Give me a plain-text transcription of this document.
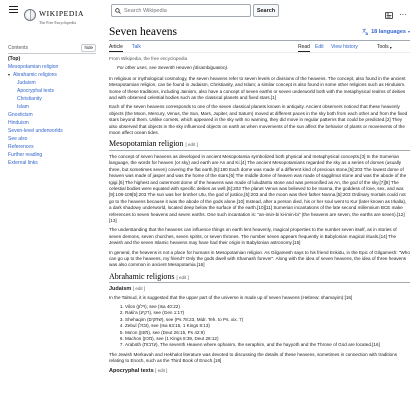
WIKIPEDIA
The Free Encyclopedia
Search Wikipedia	Search	···
Contents	hide
(Top)
Mesopotamian religion
▾ Abrahamic religions
Judaism
Apocryphal texts
Christianity
Islam
Gnosticism
Hinduism
Seven-level underworlds
See also
References
Further reading
External links
Seven heavens	文
A 18 languages ▾
Article Talk	Read Edit View history	Tools ▾
From Wikipedia, the free encyclopedia
For other uses, see Seventh Heaven (disambiguation).

In religious or mythological cosmology, the seven heavens refer to seven levels or divisions of the heavens. The concept, also found in the ancient Mesopotamian religion, can be found in Judaism, Christianity, and Islam; a similar concept is also found in some other religions such as Hinduism. Some of these traditions, including Jainism, also have a concept of seven earths or seven underworld both with the metaphysical realms of deities and with observed celestial bodies such as the classical planets and fixed stars.[1]

Each of the seven heavens corresponds to one of the seven classical planets known in antiquity. Ancient observers noticed that these heavenly objects (the Moon, Mercury, Venus, the Sun, Mars, Jupiter, and Saturn) moved at different paces in the sky both from each other and from the fixed stars beyond them. Unlike comets, which appeared in the sky with no warning, they did move in regular patterns that could be predicted.[2] They also observed that objects in the sky influenced objects on earth as when movements of the sun affect the behavior of plants or movements of the moon affect ocean tides.

Mesopotamian religion [ edit ]

The concept of seven heavens as developed in ancient Mesopotamia symbolized both physical and metaphysical concepts.[3] In the Sumerian language, the words for heaven (or sky) and earth are An and Ki.[4] The ancient Mesopotamians regarded the sky as a series of domes (usually three, but sometimes seven) covering the flat earth.[5]:180 Each dome was made of a different kind of precious stone.[5]:203 The lowest dome of heaven was made of jasper and was the home of the stars.[6] The middle dome of heaven was made of saggilmut stone and was the abode of the Igigi.[6] The highest and outermost dome of the heavens was made of luludānītu stone and was personified as An, the god of the sky.[7][8] The celestial bodies were equated with specific deities as well.[5]:203 The planet Venus was believed to be Inanna, the goddess of love, sex, and war.[9]:108-109[5]:203 The sun was her brother Utu, the god of justice,[5]:203 and the moon was their father Nanna.[5]:203 Ordinary mortals could not go to the heavens because it was the abode of the gods alone.[10] Instead, after a person died, his or her soul went to Kur (later known as Irkalla), a dark shadowy underworld, located deep below the surface of the earth.[10][11] Sumerian incantations of the late second millennium BCE make references to seven heavens and seven earths. One such incantation is: "an-imin-bi ki-imin-bi" (the heavens are seven, the earths are seven).[12][13]

The understanding that the heavens can influence things on earth lent heavenly, magical properties to the number seven itself, as in stories of seven demons, seven churches, seven spirits, or seven thrones. The number seven appears frequently in Babylonian magical rituals.[14] The Jewish and the seven Islamic heavens may have had their origin in Babylonian astronomy.[15]

In general, the heavens is not a place for humans in Mesopotamian religion. As Gilgamesh says to his friend Enkidu, in the Epic of Gilgamesh: "Who can go up to the heavens, my friend? Only the gods dwell with Shamash forever". Along with the idea of seven heavens, the idea of three heavens was also common in ancient Mesopotamia.[16]

Abrahamic religions [ edit ]
Judaism [ edit ]

In the Talmud, it is suggested that the upper part of the universe is made up of seven heavens (Hebrew: shamayim):[16]

1. Vilon (וילון), see (Isa 40:22)
2. Raki'a (רקיע), see (Gen 1:17)
3. Shehaqim (שחקים), see (Ps 78:23, Midr. Teh. to Ps. xix. 7)
4. Zebul (זבול), see (Isa 63:15, 1 Kings 8:13)
5. Ma'on (מעון), see (Deut 26:15, Ps 42:9)
6. Machon (מכון), see (1 Kings 8:39, Deut 28:12)
7. Araboth (ערבות), The seventh Heaven where ophanim, the seraphim, and the hayyoth and the Throne of God are located.[16]

The Jewish Merkavah and Hekhalot literature was devoted to discussing the details of these heavens, sometimes in connection with traditions relating to Enoch, such as the Third Book of Enoch.[18]

Apocryphal texts [ edit ]
